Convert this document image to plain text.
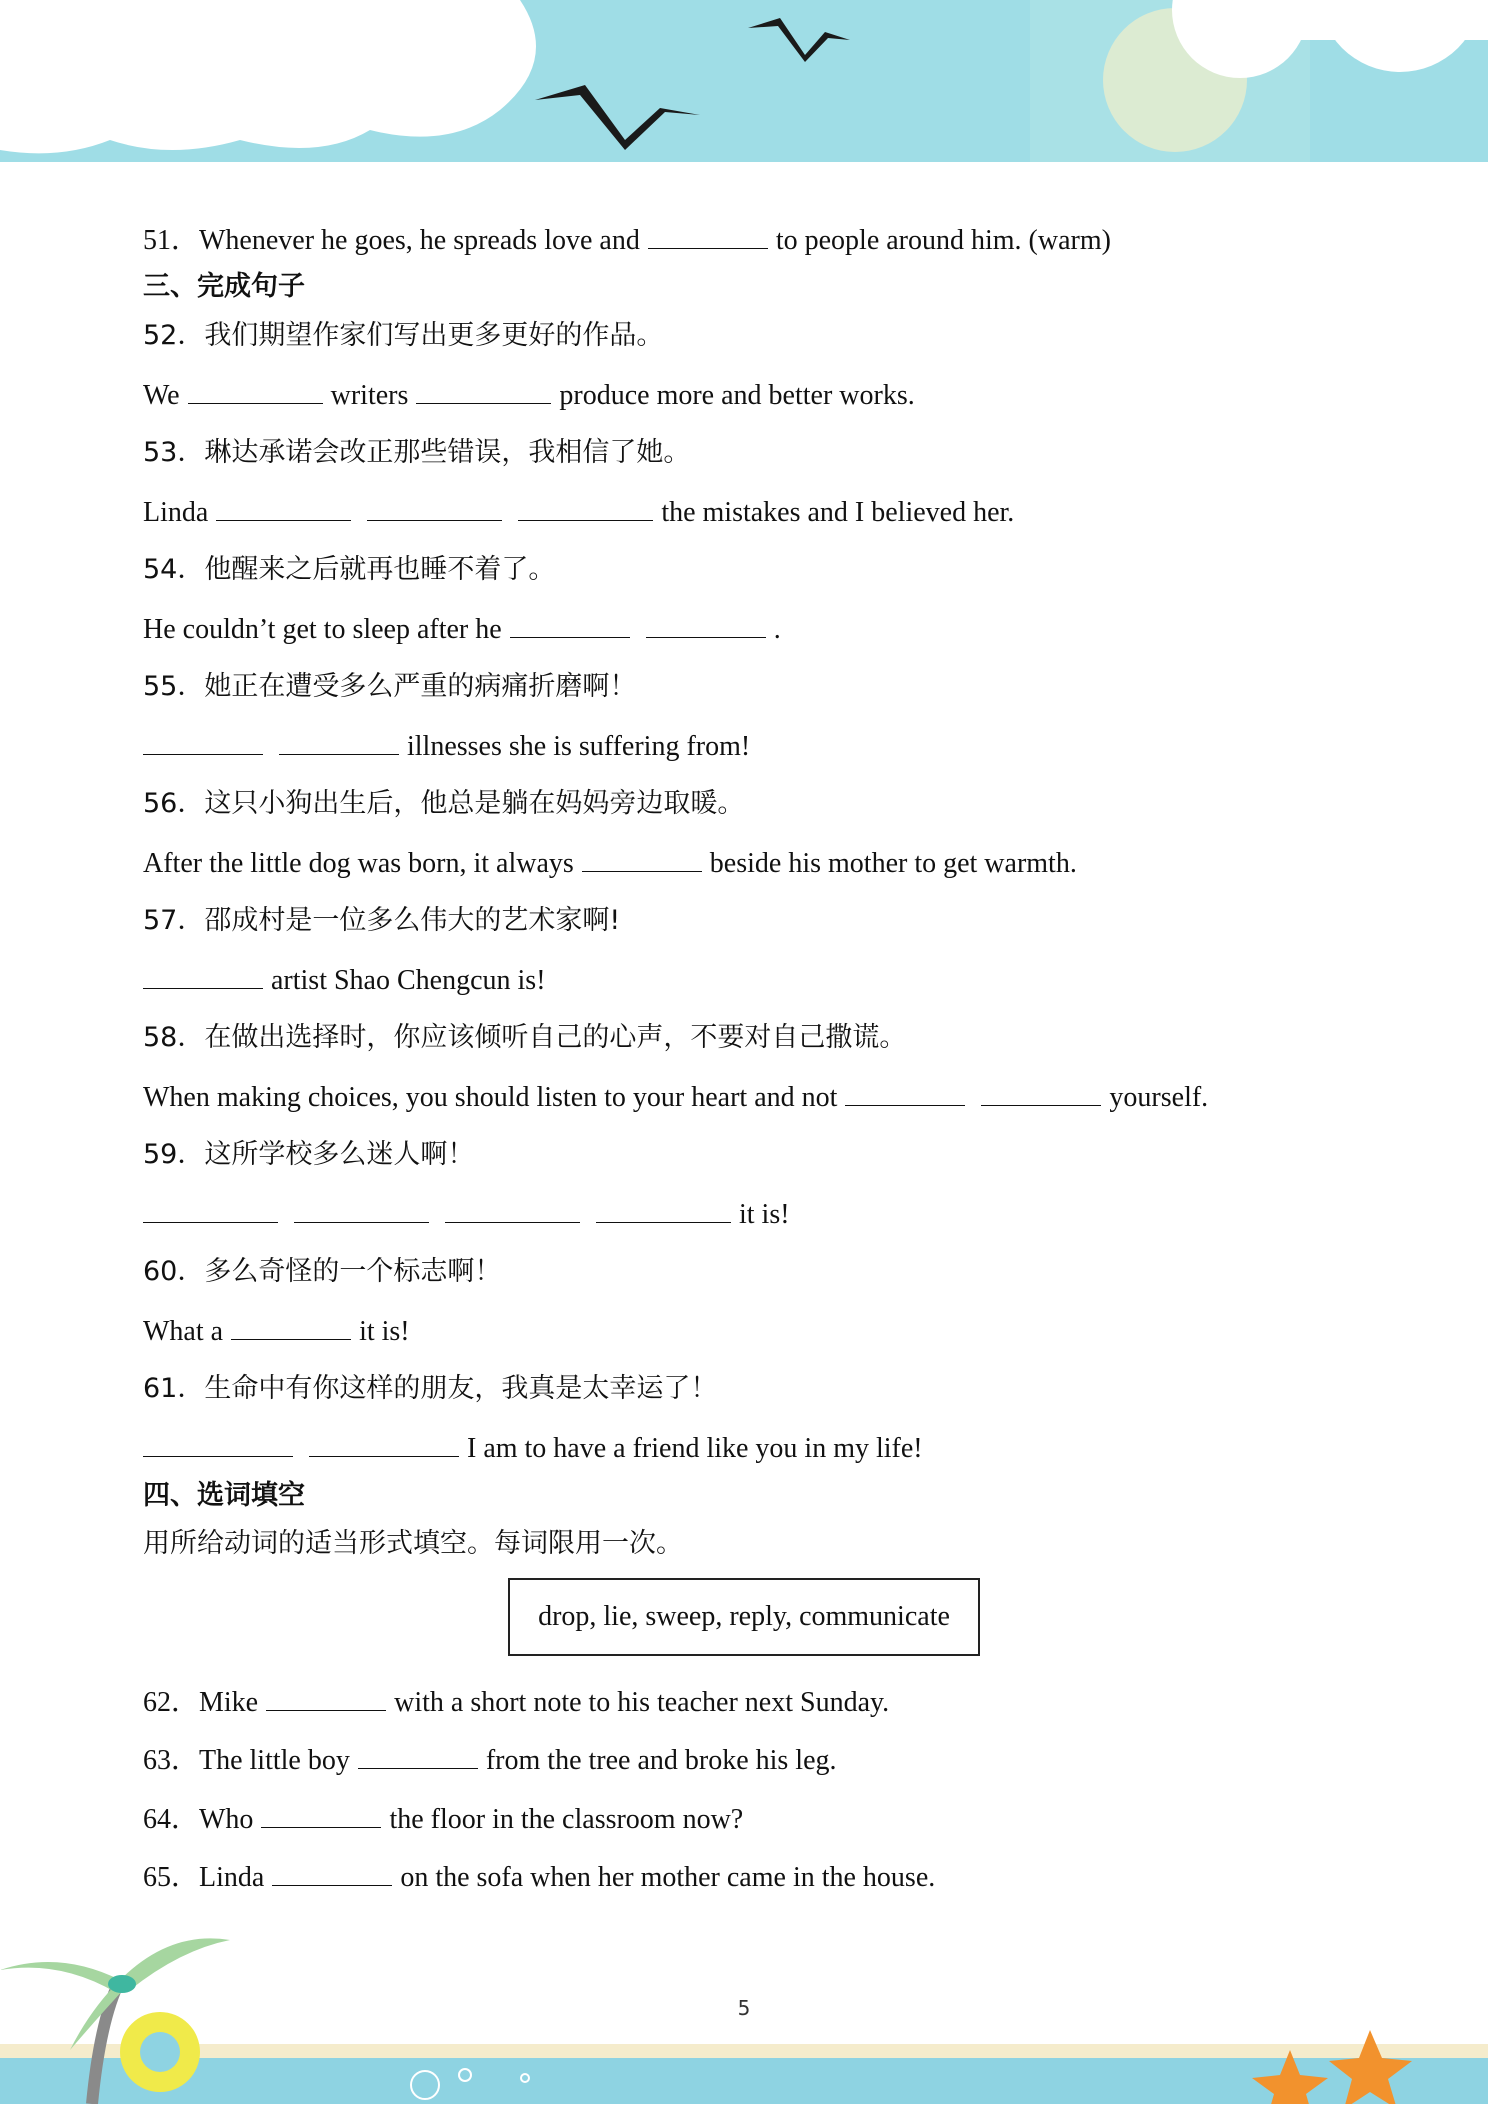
51．Whenever he goes, he spreads love and	to people around him. (warm)
三、完成句子
52．我们期望作家们写出更多更好的作品。
We	writers	produce more and better works.
53．琳达承诺会改正那些错误，我相信了她。
Linda	the mistakes and I believed her.
54．他醒来之后就再也睡不着了。
He couldn’t get to sleep after he	.
55．她正在遭受多么严重的病痛折磨啊！
illnesses she is suffering from!
56．这只小狗出生后，他总是躺在妈妈旁边取暖。
After the little dog was born, it always	beside his mother to get warmth.
57．邵成村是一位多么伟大的艺术家啊!
artist Shao Chengcun is!
58．在做出选择时，你应该倾听自己的心声，不要对自己撒谎。
When making choices, you should listen to your heart and not	yourself.
59．这所学校多么迷人啊！
it is!
60．多么奇怪的一个标志啊！
What a	it is!
61．生命中有你这样的朋友，我真是太幸运了！
I am to have a friend like you in my life!
四、选词填空
用所给动词的适当形式填空。每词限用一次。
62．Mike	with a short note to his teacher next Sunday.
63．The little boy	from the tree and broke his leg.
64．Who	the floor in the classroom now?
65．Linda	on the sofa when her mother came in the house.
drop, lie, sweep, reply, communicate
5
